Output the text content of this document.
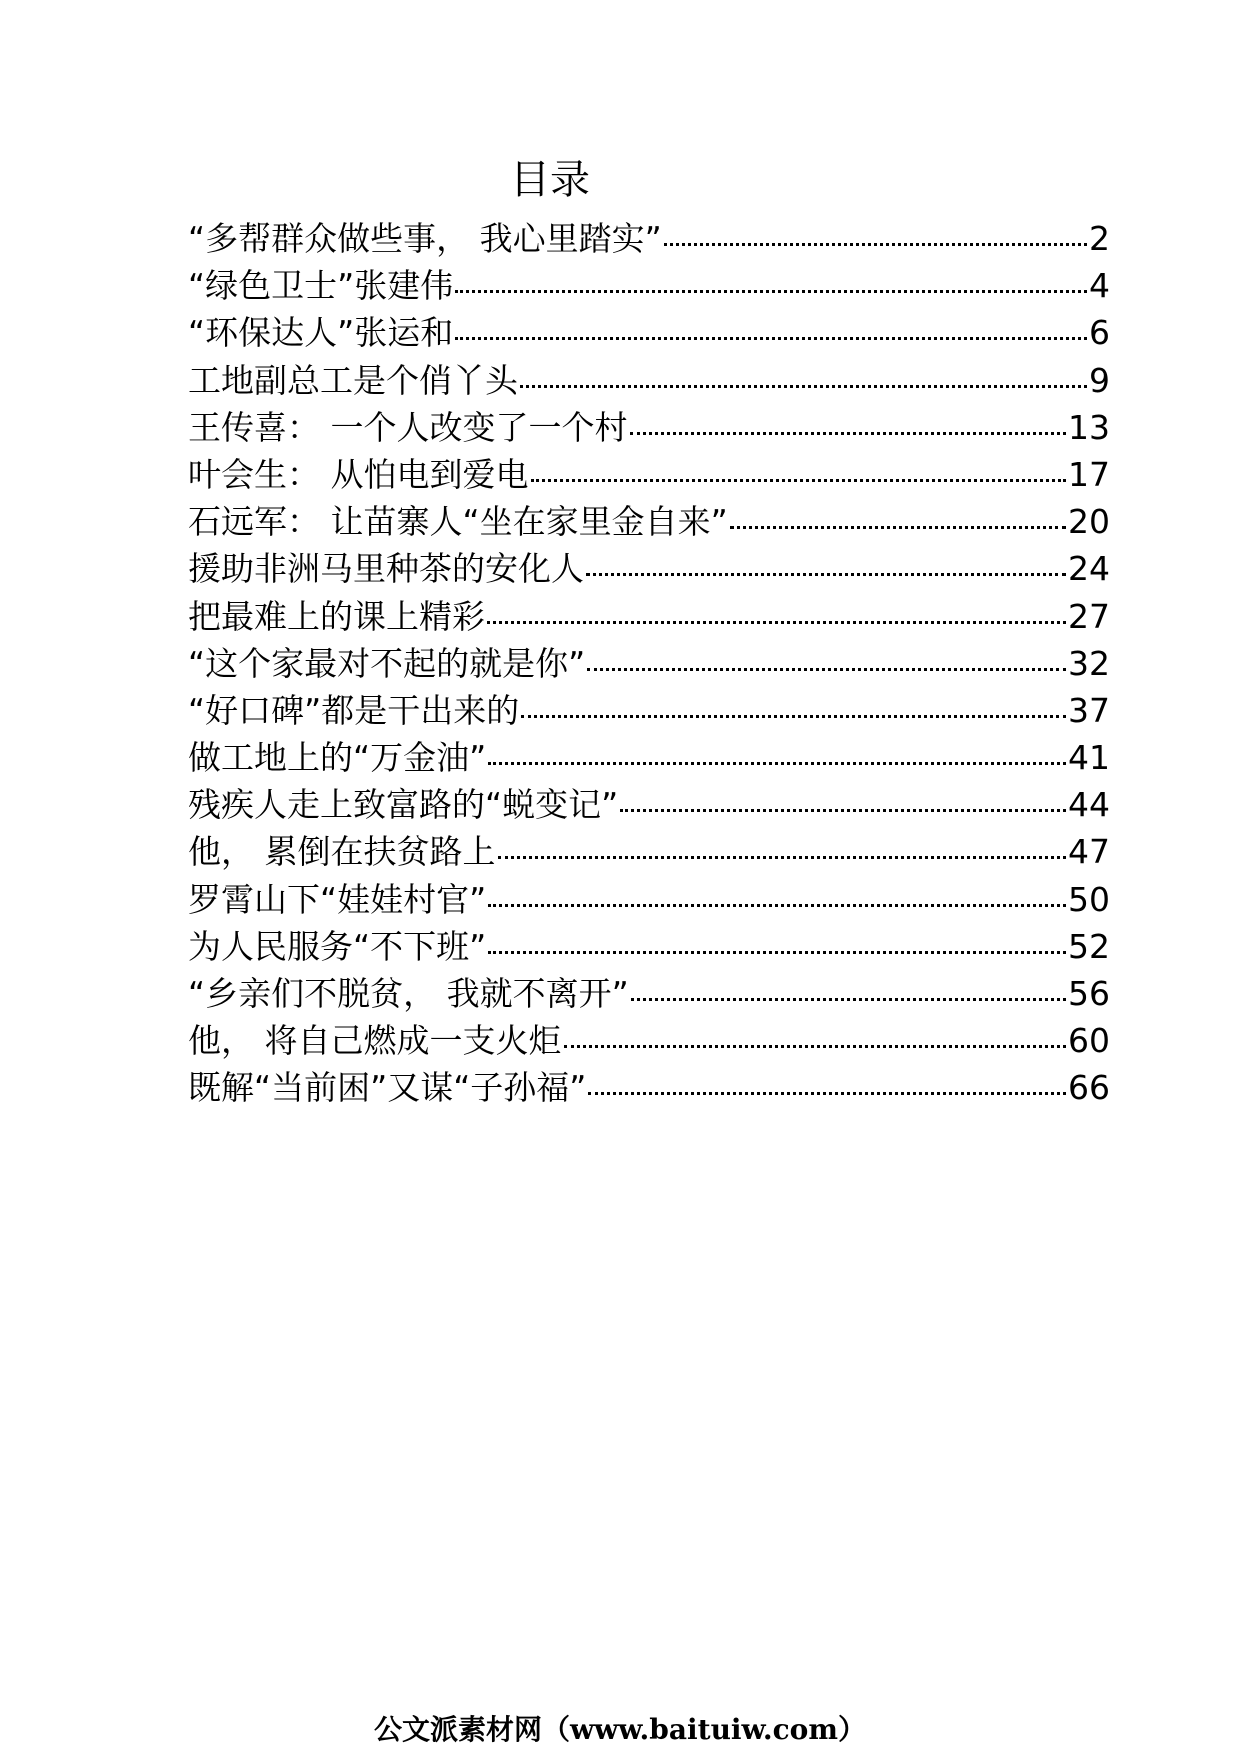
目录
“多帮群众做些事， 我心里踏实”	2
“绿色卫士”张建伟	4
“环保达人”张运和	6
工地副总工是个俏丫头	9
王传喜： 一个人改变了一个村	13
叶会生： 从怕电到爱电	17
石远军： 让苗寨人“坐在家里金自来”	20
援助非洲马里种茶的安化人	24
把最难上的课上精彩	27
“这个家最对不起的就是你”	32
“好口碑”都是干出来的	37
做工地上的“万金油”	41
残疾人走上致富路的“蜕变记”	44
他， 累倒在扶贫路上	47
罗霄山下“娃娃村官”	50
为人民服务“不下班”	52
“乡亲们不脱贫， 我就不离开”	56
他， 将自己燃成一支火炬	60
既解“当前困”又谋“子孙福”	66

公文派素材网（www.baituiw.com）
